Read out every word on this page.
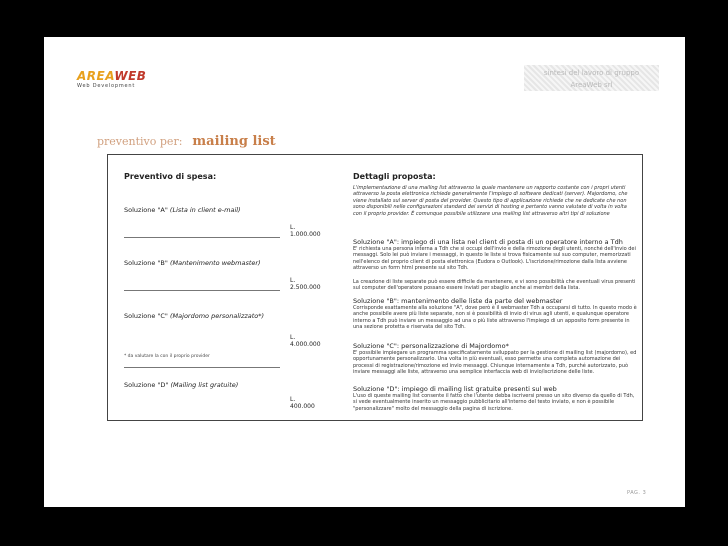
AREAWEB
Web Development
sintesi del lavoro di gruppo
AreaWeb srl
preventivo per: mailing list
Preventivo di spesa:
Soluzione "A" (Lista in client e-mail)
L. 1.000.000
Soluzione "B" (Mantenimento webmaster)
L. 2.500.000
Soluzione "C" (Majordomo personalizzato*)
L. 4.000.000
* da valutare la con il proprio provider
Soluzione "D" (Mailing list gratuite)
L. 400.000
Dettagli proposta:
L'implementazione di una mailing list attraverso la quale mantenere un rapporto costante con i propri utenti attraverso la posta elettronica richiede generalmente l'impiego di software dedicati (server). Majordomo, che viene installato sul server di posta del provider. Questo tipo di applicazione richiede che ne dedicate che non sono disponibili nelle configurazioni standard dei servizi di hosting e pertanto vanno valutate di volta in volta con il proprio provider. È comunque possibile utilizzare una mailing list attraverso altri tipi di soluzione
Soluzione "A": impiego di una lista nel client di posta di un operatore interno a Tdh
E' richiesta una persona interna a Tdh che si occupi dell'invio e della rimozione degli utenti, nonché dell'invio dei messaggi. Solo lei può inviare i messaggi, in questo le liste si trova fisicamente sul suo computer, memorizzati nell'elenco del proprio client di posta elettronica (Eudora o Outlook). L'iscrizione/rimozione dalla lista avviene attraverso un form html presente sul sito Tdh.
La creazione di liste separate può essere difficile da mantenere, e vi sono possibilità che eventuali virus presenti sul computer dell'operatore possano essere inviati per sbaglio anche ai membri della lista.
Soluzione "B": mantenimento delle liste da parte del webmaster
Corrisponde esattamente alla soluzione "A", dove però è il webmaster Tdh a occuparsi di tutto. In questo modo è anche possibile avere più liste separate, non si è possibilità di invio di virus agli utenti, e qualunque operatore interno a Tdh può inviare un messaggio ad una o più liste attraverso l'impiego di un apposito form presente in una sezione protetta e riservata del sito Tdh.
Soluzione "C": personalizzazione di Majordomo*
E' possibile impiegare un programma specificatamente sviluppato per la gestione di mailing list (majordomo), ed opportunamente personalizzarlo. Una volta in più eventuali, esso permette una completa automazione dei processi di registrazione/rimozione ed invio messaggi. Chiunque internamente a Tdh, purché autorizzato, può inviare messaggi alle liste, attraverso una semplice interfaccia web di invio/iscrizione delle liste.
Soluzione "D": impiego di mailing list gratuite presenti sul web
L'uso di queste mailing list consente il fatto che l'utente debba iscriversi presso un sito diverso da quello di Tdh, si vede eventualmente inserito un messaggio pubblicitario all'interno del testo inviato, e non è possibile "personalizzare" molto del messaggio della pagina di iscrizione.
PAG. 3
